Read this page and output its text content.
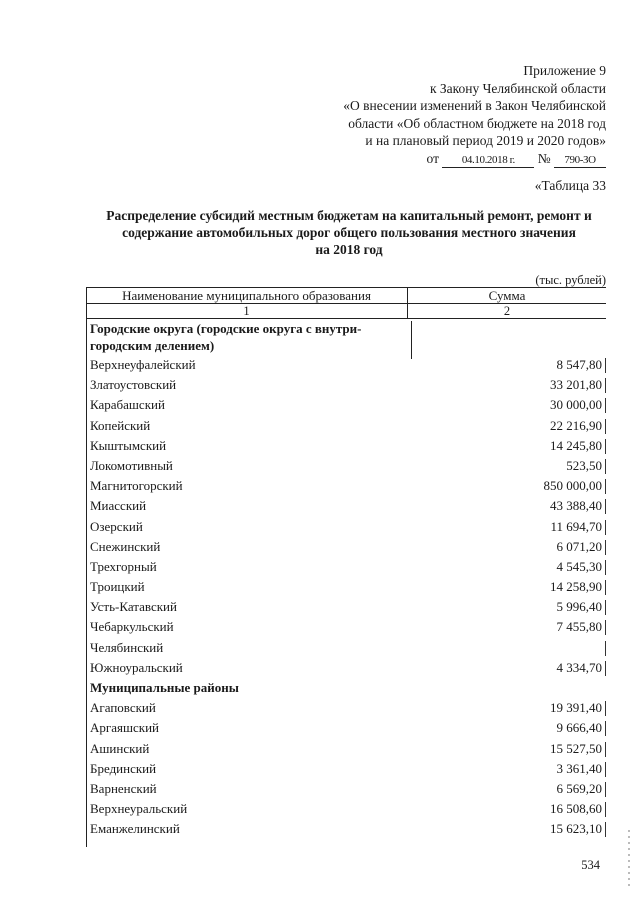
Приложение 9
к Закону Челябинской области
«О внесении изменений в Закон Челябинской
области «Об областном бюджете на 2018 год
и на плановый период 2019 и 2020 годов»
от 04.10.2018 г. № 790-ЗО
«Таблица 33
Распределение субсидий местным бюджетам на капитальный ремонт, ремонт и
содержание автомобильных дорог общего пользования местного значения
на 2018 год
(тыс. рублей)
Наименование муниципального образования	Сумма
1	2
Городские округа (городские округа с внутри-городским делением)
Верхнеуфалейский	8 547,80
Златоустовский	33 201,80
Карабашский	30 000,00
Копейский	22 216,90
Кыштымский	14 245,80
Локомотивный	523,50
Магнитогорский	850 000,00
Миасский	43 388,40
Озерский	11 694,70
Снежинский	6 071,20
Трехгорный	4 545,30
Троицкий	14 258,90
Усть-Катавский	5 996,40
Чебаркульский	7 455,80
Челябинский
Южноуральский	4 334,70
Муниципальные районы
Агаповский	19 391,40
Аргаяшский	9 666,40
Ашинский	15 527,50
Брединский	3 361,40
Варненский	6 569,20
Верхнеуральский	16 508,60
Еманжелинский	15 623,10
534
